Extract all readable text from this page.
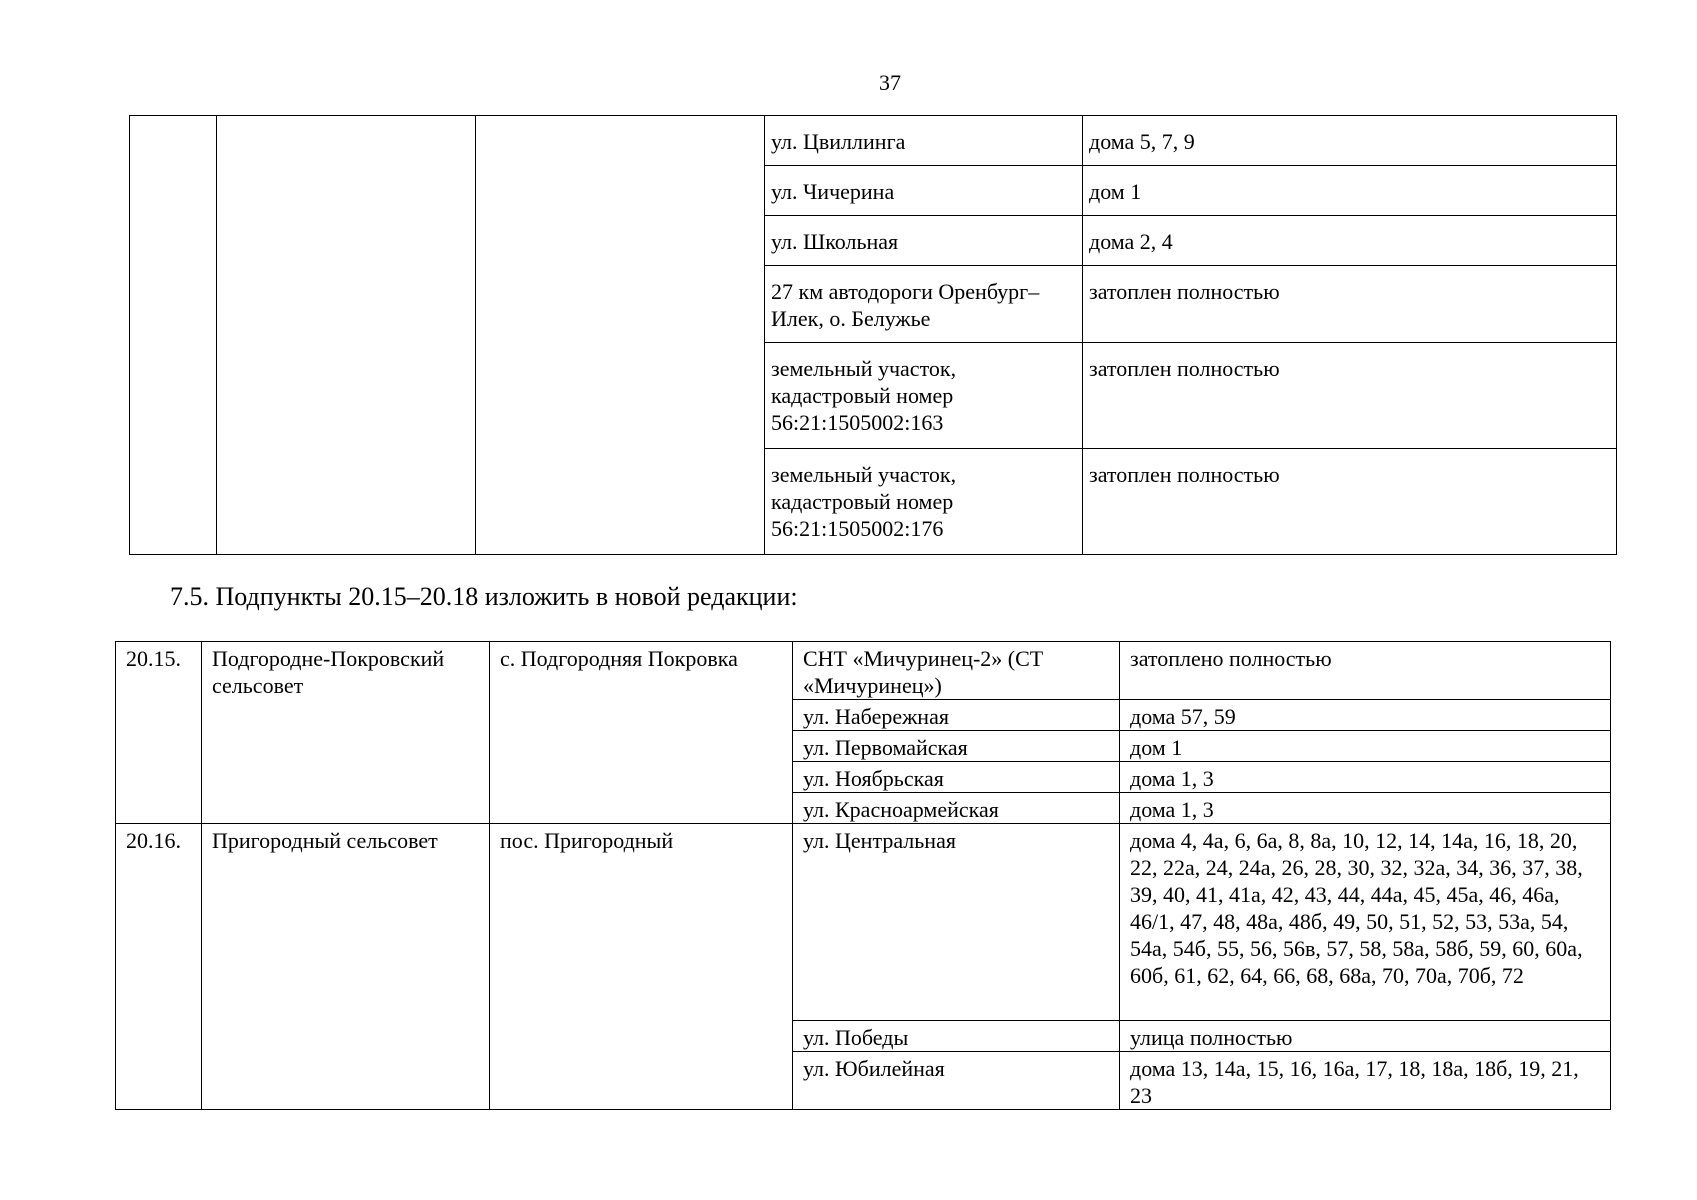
37
			ул. Цвиллинга	дома 5, 7, 9
			ул. Чичерина	дом 1
			ул. Школьная	дома 2, 4
			27 км автодороги Оренбург–Илек, о. Белужье	затоплен полностью
			земельный участок, кадастровый номер 56:21:1505002:163	затоплен полностью
			земельный участок, кадастровый номер 56:21:1505002:176	затоплен полностью
7.5. Подпункты 20.15–20.18 изложить в новой редакции:
20.15.	Подгородне-Покровский сельсовет	с. Подгородняя Покровка	СНТ «Мичуринец-2» (СТ «Мичуринец»)	затоплено полностью
			ул. Набережная	дома 57, 59
			ул. Первомайская	дом 1
			ул. Ноябрьская	дома 1, 3
			ул. Красноармейская	дома 1, 3
20.16.	Пригородный сельсовет	пос. Пригородный	ул. Центральная	дома 4, 4а, 6, 6а, 8, 8а, 10, 12, 14, 14а, 16, 18, 20, 22, 22а, 24, 24а, 26, 28, 30, 32, 32а, 34, 36, 37, 38, 39, 40, 41, 41а, 42, 43, 44, 44а, 45, 45а, 46, 46а, 46/1, 47, 48, 48а, 48б, 49, 50, 51, 52, 53, 53а, 54, 54а, 54б, 55, 56, 56в, 57, 58, 58а, 58б, 59, 60, 60а, 60б, 61, 62, 64, 66, 68, 68а, 70, 70а, 70б, 72
			ул. Победы	улица полностью
			ул. Юбилейная	дома 13, 14а, 15, 16, 16а, 17, 18, 18а, 18б, 19, 21, 23
